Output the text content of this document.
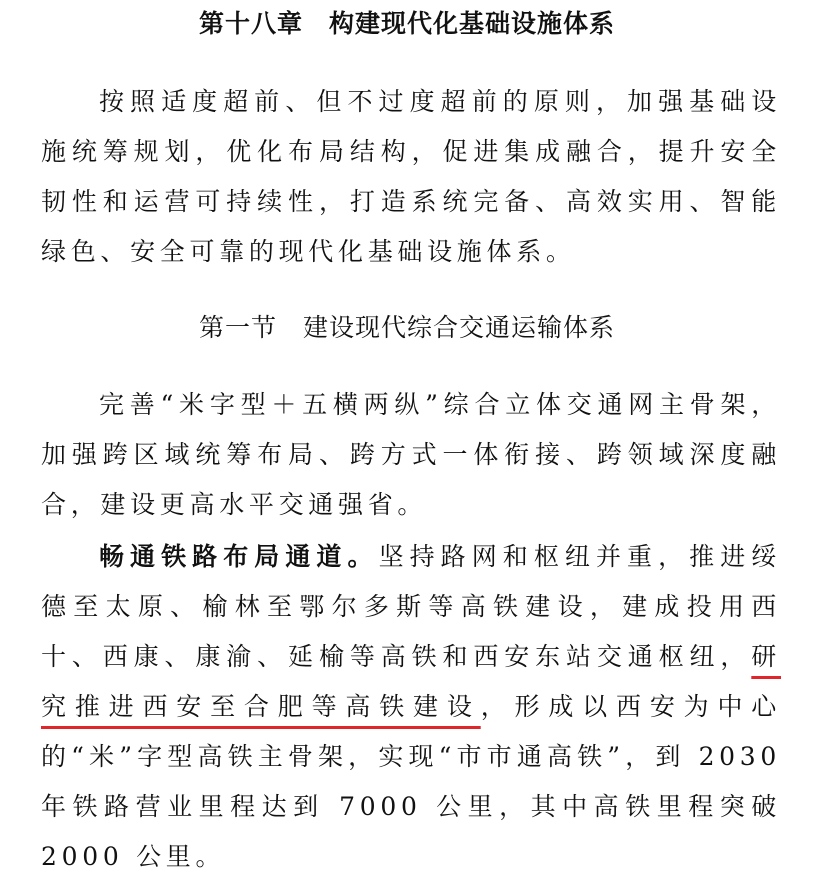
第十八章　构建现代化基础设施体系

按照适度超前、但不过度超前的原则，加强基础设施统筹规划，优化布局结构，促进集成融合，提升安全韧性和运营可持续性，打造系统完备、高效实用、智能绿色、安全可靠的现代化基础设施体系。

第一节　建设现代综合交通运输体系

完善“米字型＋五横两纵”综合立体交通网主骨架，加强跨区域统筹布局、跨方式一体衔接、跨领域深度融合，建设更高水平交通强省。

畅通铁路布局通道。坚持路网和枢纽并重，推进绥德至太原、榆林至鄂尔多斯等高铁建设，建成投用西十、西康、康渝、延榆等高铁和西安东站交通枢纽，研究推进西安至合肥等高铁建设，形成以西安为中心的“米”字型高铁主骨架，实现“市市通高铁”，到 2030 年铁路营业里程达到 7000 公里，其中高铁里程突破 2000 公里。
